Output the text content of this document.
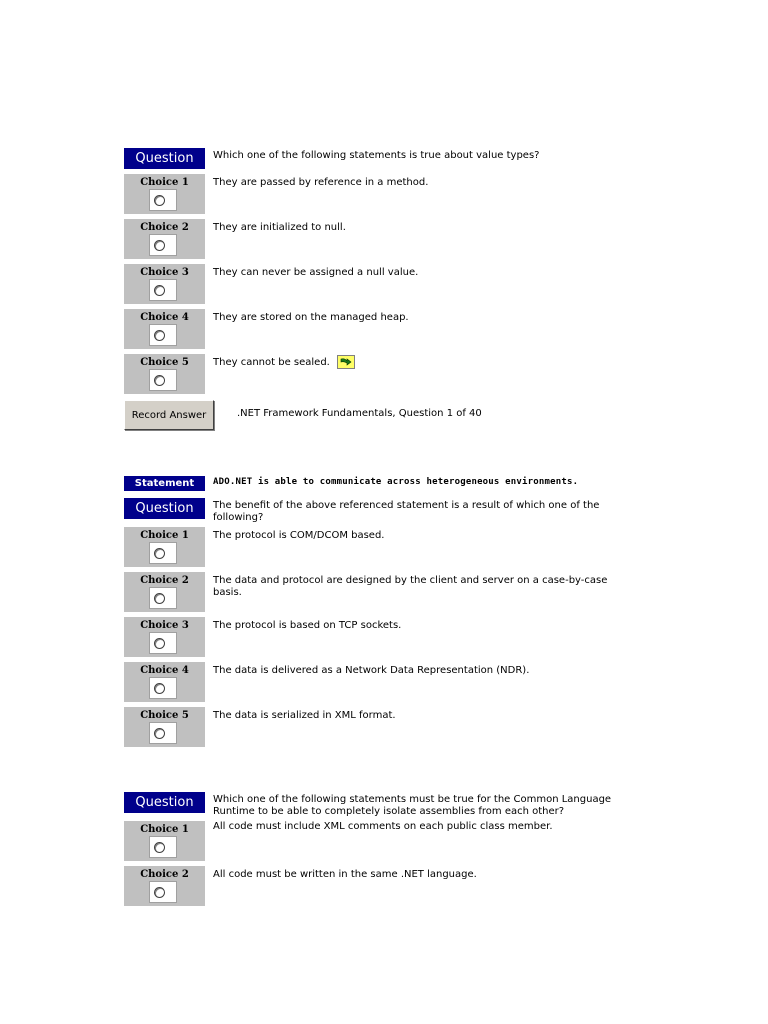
Question	Which one of the following statements is true about value types?
Choice 1	They are passed by reference in a method.
Choice 2	They are initialized to null.
Choice 3	They can never be assigned a null value.
Choice 4	They are stored on the managed heap.
Choice 5	They cannot be sealed.
Record Answer	.NET Framework Fundamentals, Question 1 of 40
Statement	ADO.NET is able to communicate across heterogeneous environments.
Question	The benefit of the above referenced statement is a result of which one of the following?
Choice 1	The protocol is COM/DCOM based.
Choice 2	The data and protocol are designed by the client and server on a case-by-case basis.
Choice 3	The protocol is based on TCP sockets.
Choice 4	The data is delivered as a Network Data Representation (NDR).
Choice 5	The data is serialized in XML format.
Question	Which one of the following statements must be true for the Common Language Runtime to be able to completely isolate assemblies from each other?
Choice 1	All code must include XML comments on each public class member.
Choice 2	All code must be written in the same .NET language.
